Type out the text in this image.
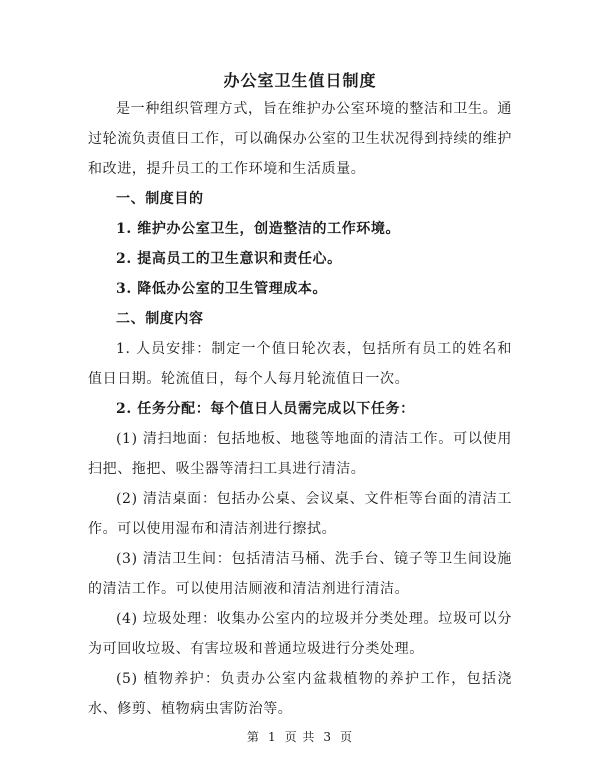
办公室卫生值日制度

是一种组织管理方式，旨在维护办公室环境的整洁和卫生。通过轮流负责值日工作，可以确保办公室的卫生状况得到持续的维护和改进，提升员工的工作环境和生活质量。

一、制度目的

1. 维护办公室卫生，创造整洁的工作环境。

2. 提高员工的卫生意识和责任心。

3. 降低办公室的卫生管理成本。

二、制度内容

1. 人员安排：制定一个值日轮次表，包括所有员工的姓名和值日日期。轮流值日，每个人每月轮流值日一次。

2. 任务分配：每个值日人员需完成以下任务：

(1) 清扫地面：包括地板、地毯等地面的清洁工作。可以使用扫把、拖把、吸尘器等清扫工具进行清洁。

(2) 清洁桌面：包括办公桌、会议桌、文件柜等台面的清洁工作。可以使用湿布和清洁剂进行擦拭。

(3) 清洁卫生间：包括清洁马桶、洗手台、镜子等卫生间设施的清洁工作。可以使用洁厕液和清洁剂进行清洁。

(4) 垃圾处理：收集办公室内的垃圾并分类处理。垃圾可以分为可回收垃圾、有害垃圾和普通垃圾进行分类处理。

(5) 植物养护：负责办公室内盆栽植物的养护工作，包括浇水、修剪、植物病虫害防治等。

第 1 页 共 3 页
